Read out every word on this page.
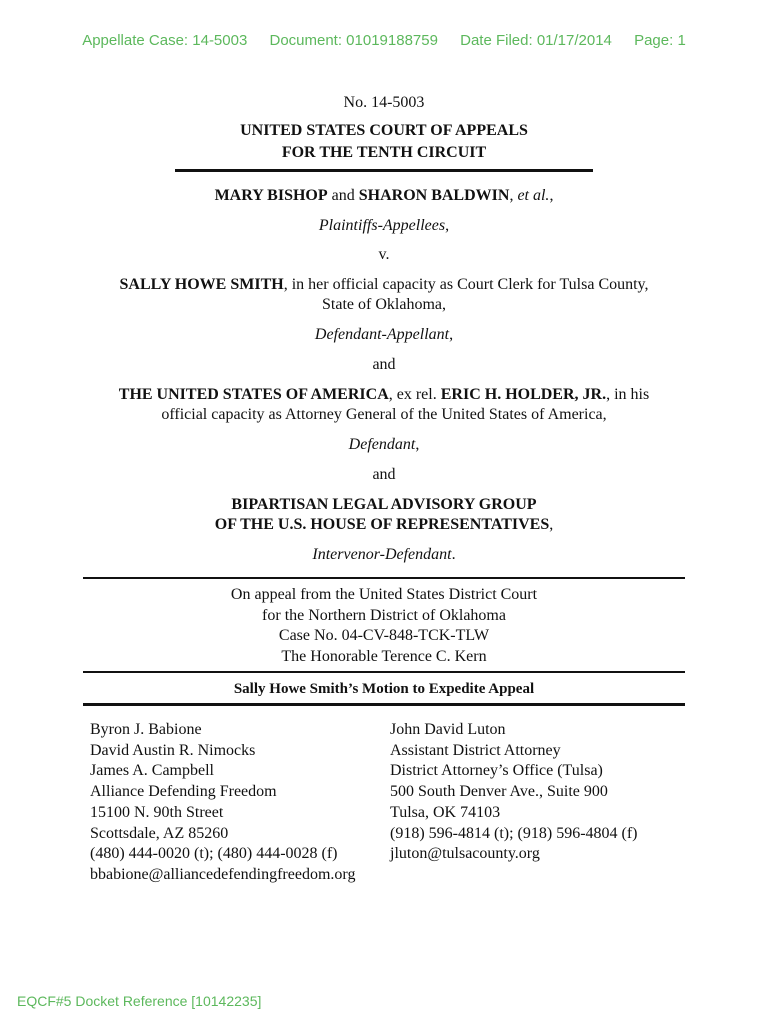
Appellate Case: 14-5003 Document: 01019188759 Date Filed: 01/17/2014 Page: 1
No. 14-5003
UNITED STATES COURT OF APPEALS
FOR THE TENTH CIRCUIT
MARY BISHOP and SHARON BALDWIN, et al.,
Plaintiffs-Appellees,
v.
SALLY HOWE SMITH, in her official capacity as Court Clerk for Tulsa County,
State of Oklahoma,
Defendant-Appellant,
and
THE UNITED STATES OF AMERICA, ex rel. ERIC H. HOLDER, JR., in his
official capacity as Attorney General of the United States of America,
Defendant,
and
BIPARTISAN LEGAL ADVISORY GROUP
OF THE U.S. HOUSE OF REPRESENTATIVES,
Intervenor-Defendant.
On appeal from the United States District Court
for the Northern District of Oklahoma
Case No. 04-CV-848-TCK-TLW
The Honorable Terence C. Kern
Sally Howe Smith’s Motion to Expedite Appeal
Byron J. Babione
David Austin R. Nimocks
James A. Campbell
Alliance Defending Freedom
15100 N. 90th Street
Scottsdale, AZ 85260
(480) 444-0020 (t); (480) 444-0028 (f)
bbabione@alliancedefendingfreedom.org
John David Luton
Assistant District Attorney
District Attorney’s Office (Tulsa)
500 South Denver Ave., Suite 900
Tulsa, OK 74103
(918) 596-4814 (t); (918) 596-4804 (f)
jluton@tulsacounty.org
EQCF#5 Docket Reference [10142235]
